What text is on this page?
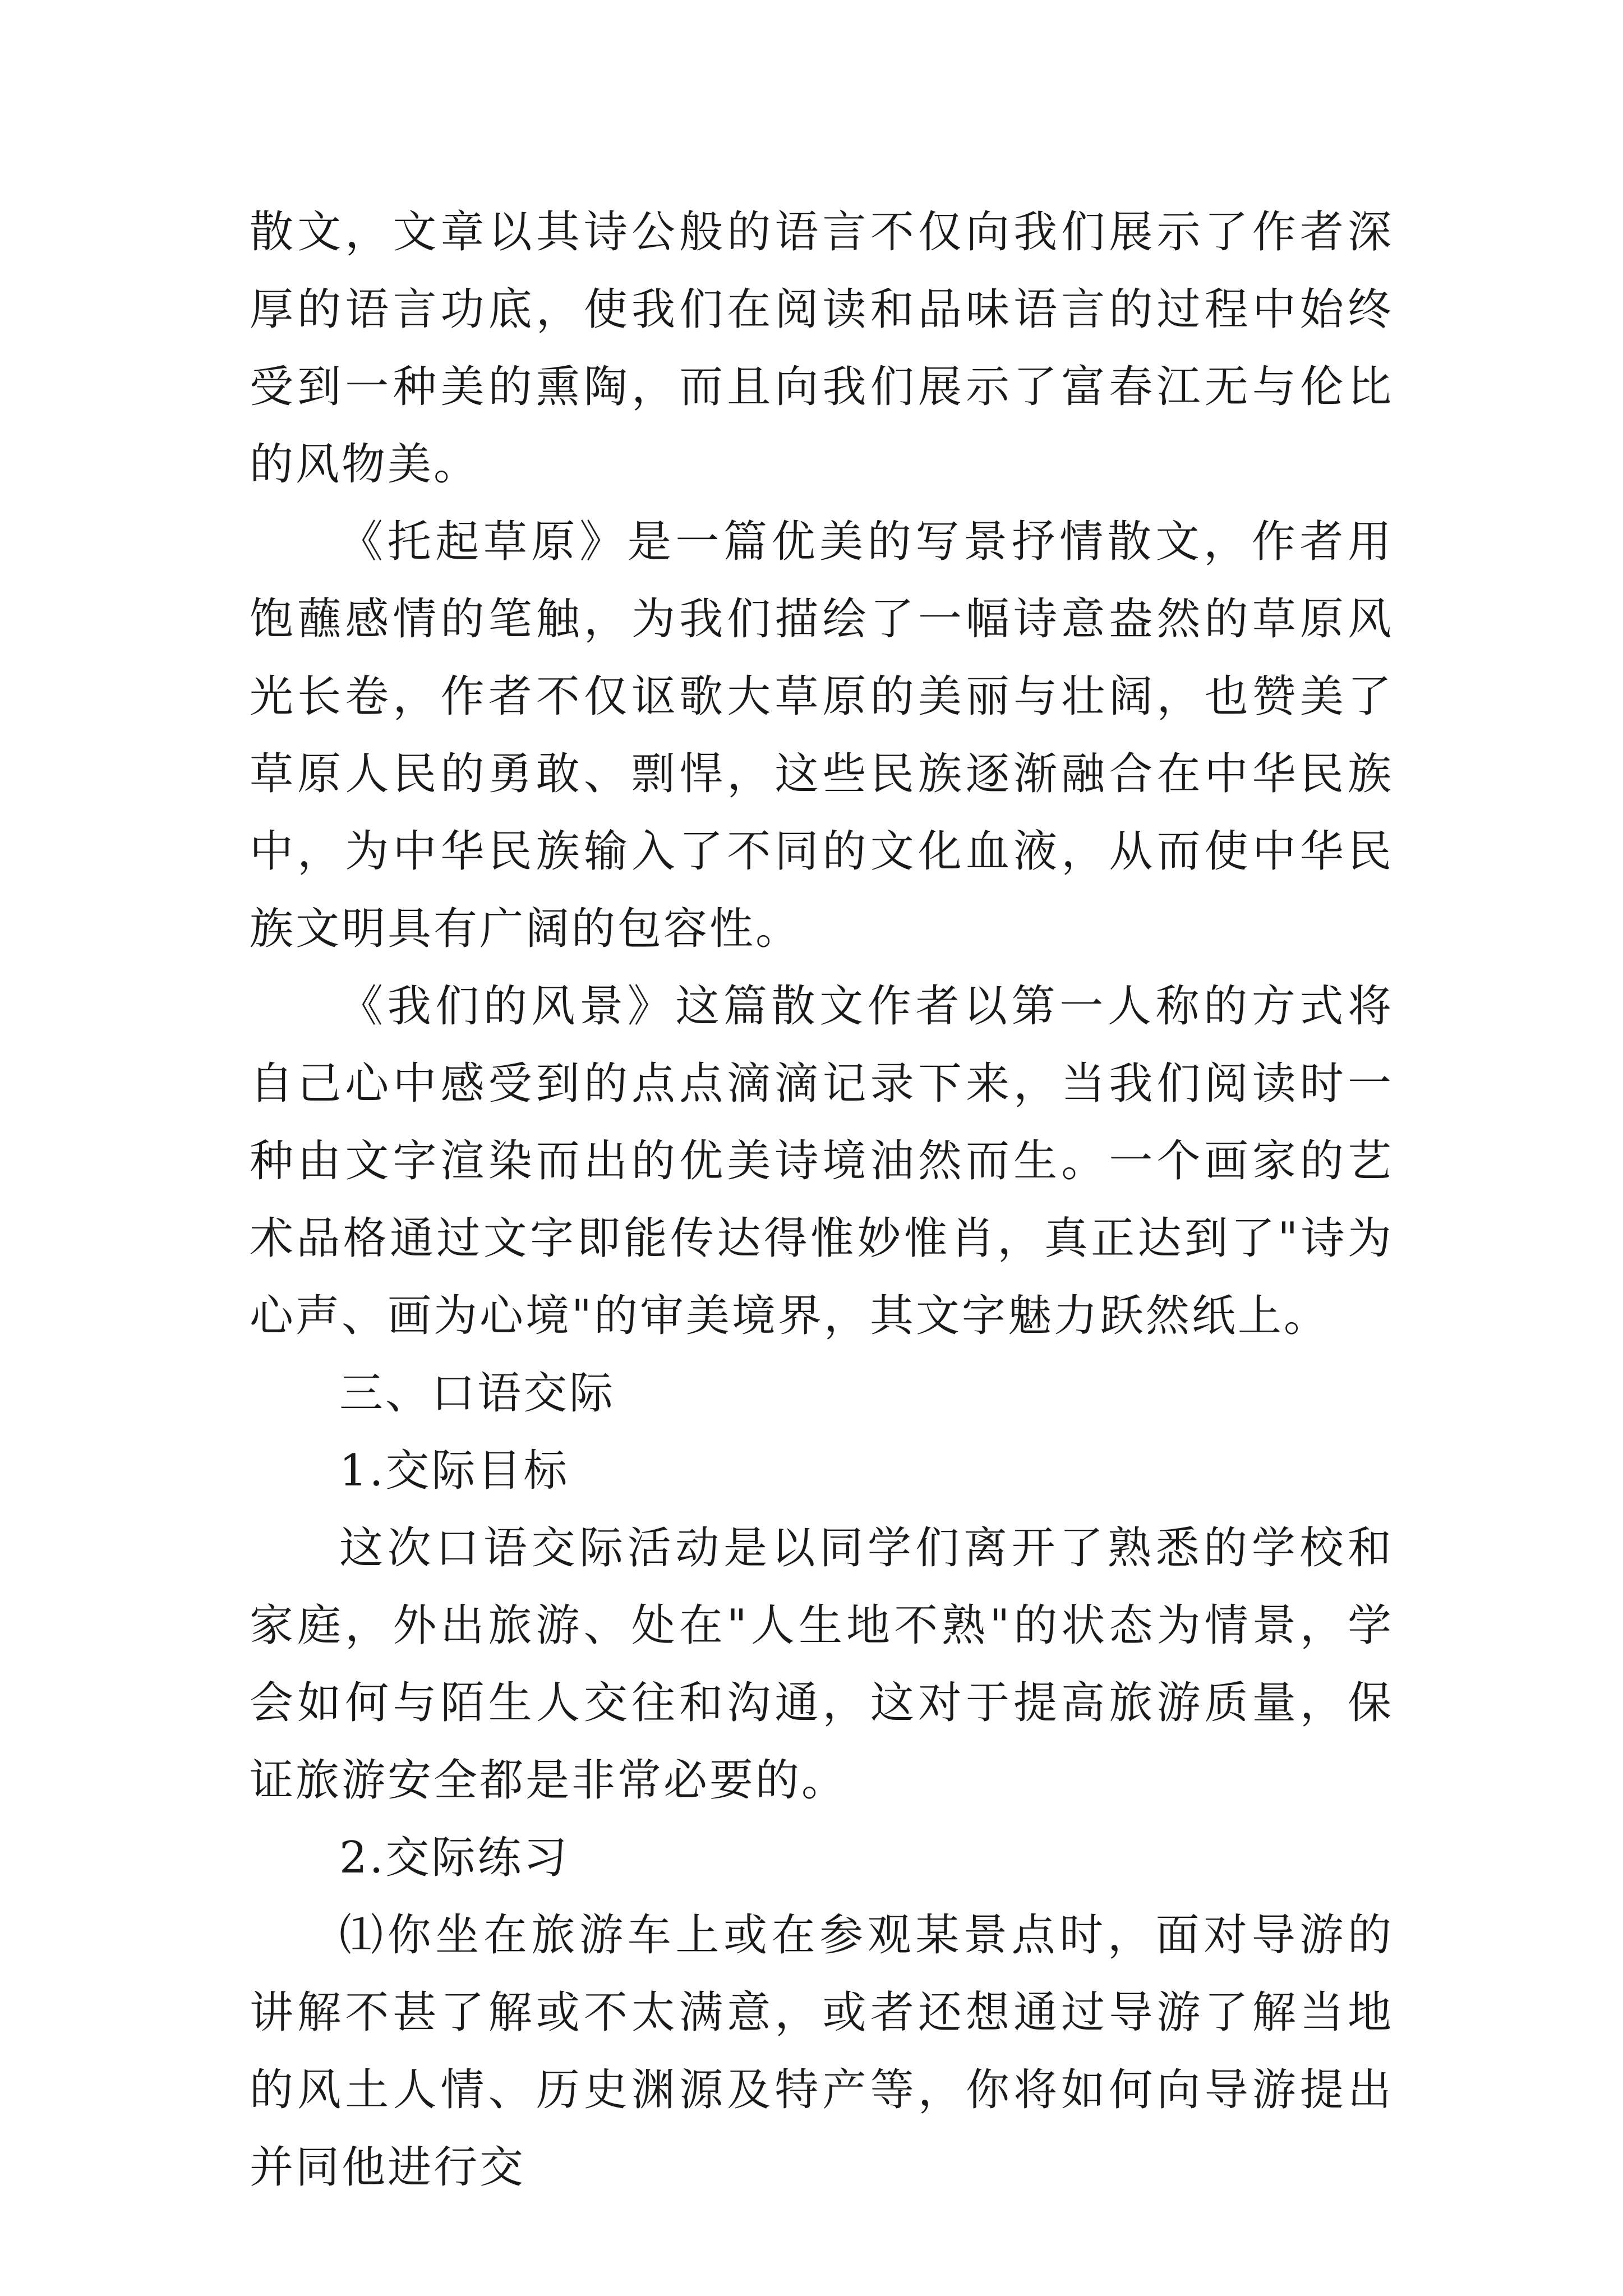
散文，文章以其诗公般的语言不仅向我们展示了作者深厚的语言功底，使我们在阅读和品味语言的过程中始终受到一种美的熏陶，而且向我们展示了富春江无与伦比的风物美。

《托起草原》是一篇优美的写景抒情散文，作者用饱蘸感情的笔触，为我们描绘了一幅诗意盎然的草原风光长卷，作者不仅讴歌大草原的美丽与壮阔，也赞美了草原人民的勇敢、剽悍，这些民族逐渐融合在中华民族中，为中华民族输入了不同的文化血液，从而使中华民族文明具有广阔的包容性。

《我们的风景》这篇散文作者以第一人称的方式将自己心中感受到的点点滴滴记录下来，当我们阅读时一种由文字渲染而出的优美诗境油然而生。一个画家的艺术品格通过文字即能传达得惟妙惟肖，真正达到了"诗为心声、画为心境"的审美境界，其文字魅力跃然纸上。

三、口语交际

1.交际目标

这次口语交际活动是以同学们离开了熟悉的学校和家庭，外出旅游、处在"人生地不熟"的状态为情景，学会如何与陌生人交往和沟通，这对于提高旅游质量，保证旅游安全都是非常必要的。

2.交际练习

⑴你坐在旅游车上或在参观某景点时，面对导游的讲解不甚了解或不太满意，或者还想通过导游了解当地的风土人情、历史渊源及特产等，你将如何向导游提出并同他进行交
